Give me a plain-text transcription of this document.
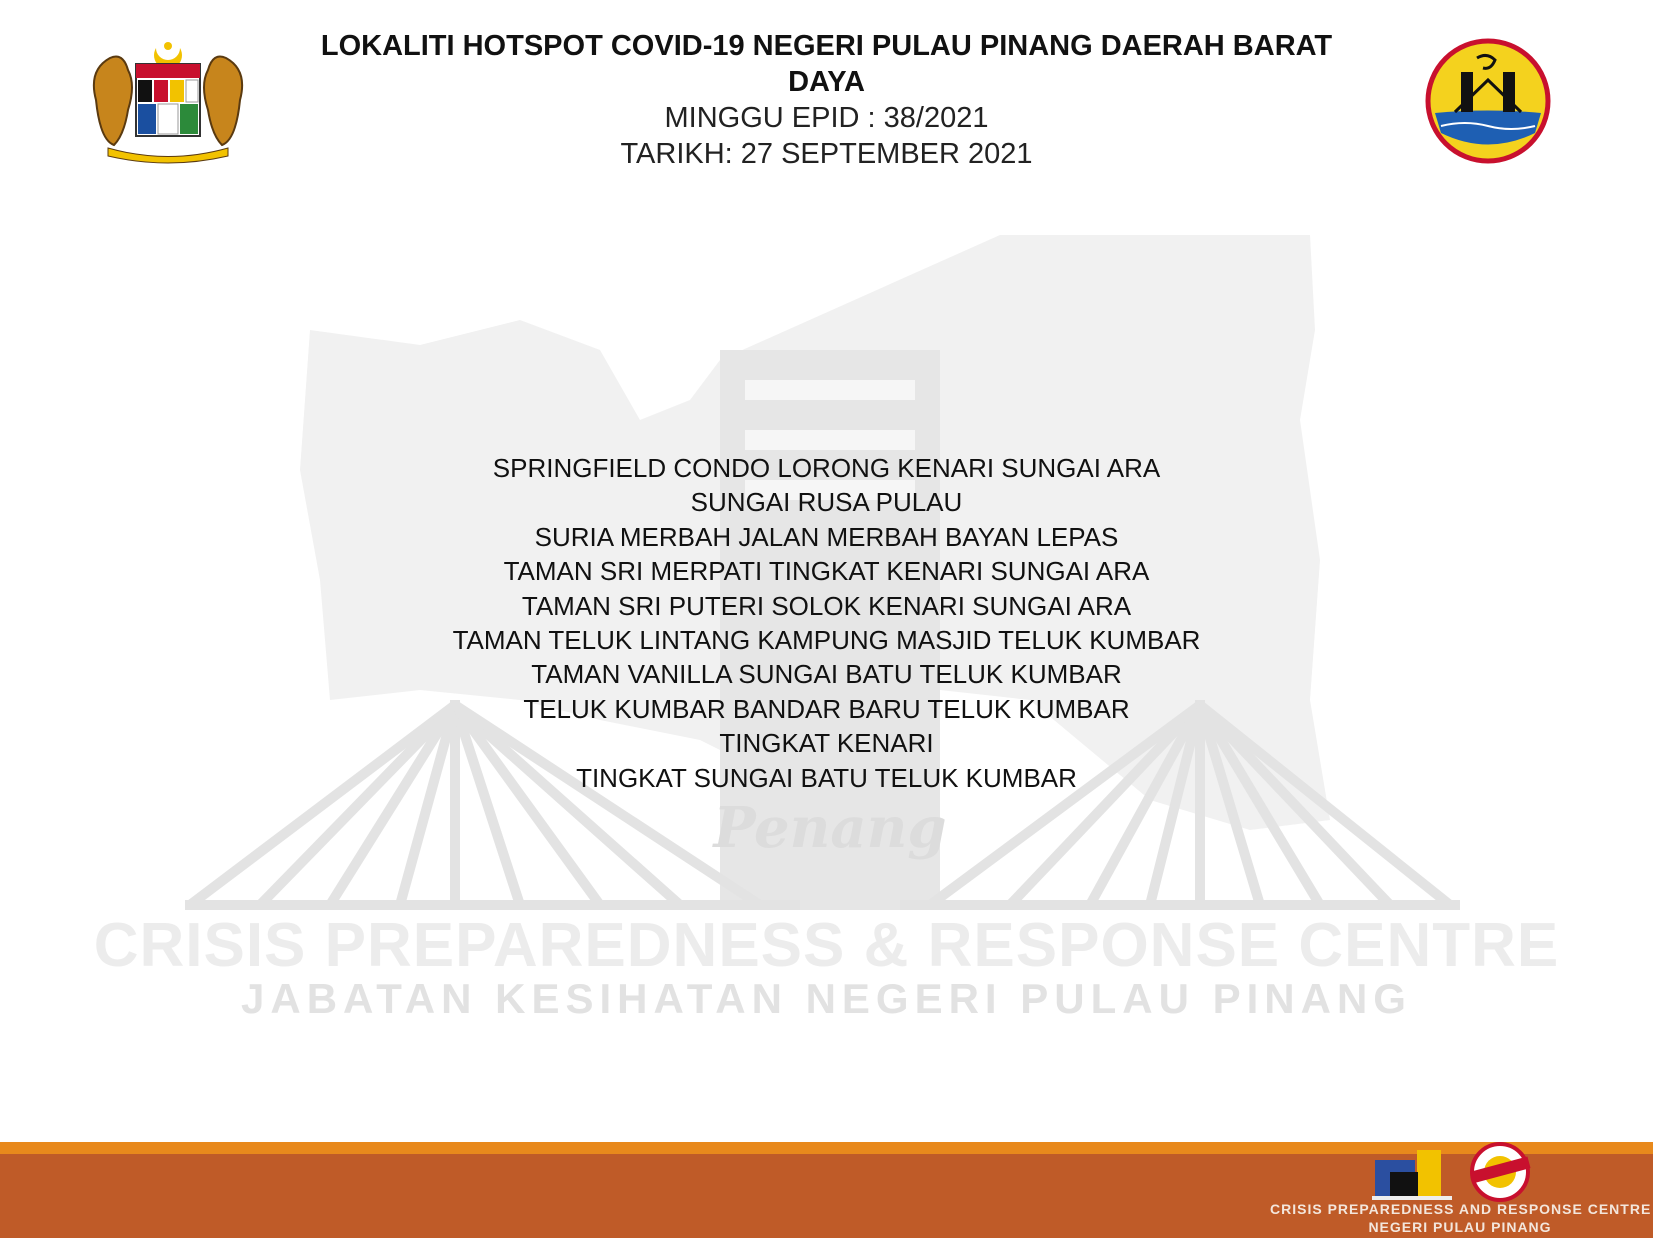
Penang
CRISIS PREPAREDNESS & RESPONSE CENTRE
JABATAN KESIHATAN NEGERI PULAU PINANG
LOKALITI HOTSPOT COVID-19 NEGERI PULAU PINANG DAERAH BARAT DAYA
MINGGU EPID : 38/2021
TARIKH: 27 SEPTEMBER 2021
SPRINGFIELD CONDO LORONG KENARI SUNGAI ARA
SUNGAI RUSA PULAU
SURIA MERBAH JALAN MERBAH BAYAN LEPAS
TAMAN SRI MERPATI TINGKAT KENARI SUNGAI ARA
TAMAN SRI PUTERI SOLOK KENARI SUNGAI ARA
TAMAN TELUK LINTANG KAMPUNG MASJID TELUK KUMBAR
TAMAN VANILLA SUNGAI BATU TELUK KUMBAR
TELUK KUMBAR BANDAR BARU TELUK KUMBAR
TINGKAT KENARI
TINGKAT SUNGAI BATU TELUK KUMBAR
CRISIS PREPAREDNESS AND RESPONSE CENTRE
NEGERI PULAU PINANG
